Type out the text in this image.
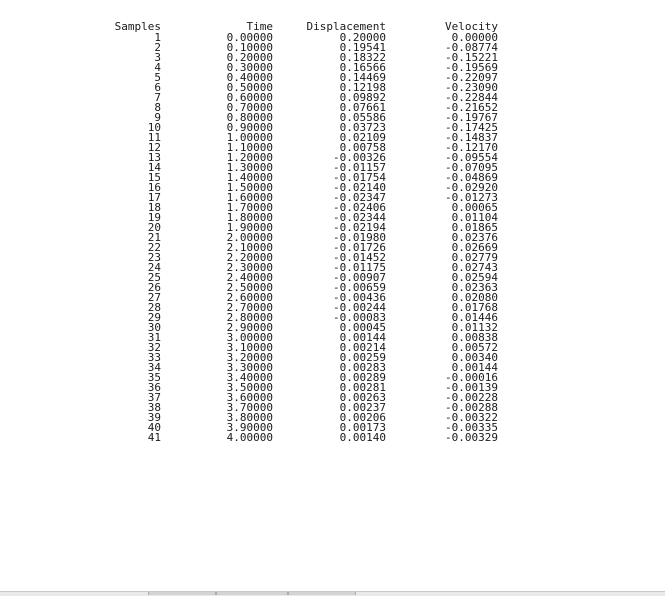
Samples	Time	Displacement	Velocity
1	0.00000	0.20000	0.00000
2	0.10000	0.19541	-0.08774
3	0.20000	0.18322	-0.15221
4	0.30000	0.16566	-0.19569
5	0.40000	0.14469	-0.22097
6	0.50000	0.12198	-0.23090
7	0.60000	0.09892	-0.22844
8	0.70000	0.07661	-0.21652
9	0.80000	0.05586	-0.19767
10	0.90000	0.03723	-0.17425
11	1.00000	0.02109	-0.14837
12	1.10000	0.00758	-0.12170
13	1.20000	-0.00326	-0.09554
14	1.30000	-0.01157	-0.07095
15	1.40000	-0.01754	-0.04869
16	1.50000	-0.02140	-0.02920
17	1.60000	-0.02347	-0.01273
18	1.70000	-0.02406	0.00065
19	1.80000	-0.02344	0.01104
20	1.90000	-0.02194	0.01865
21	2.00000	-0.01980	0.02376
22	2.10000	-0.01726	0.02669
23	2.20000	-0.01452	0.02779
24	2.30000	-0.01175	0.02743
25	2.40000	-0.00907	0.02594
26	2.50000	-0.00659	0.02363
27	2.60000	-0.00436	0.02080
28	2.70000	-0.00244	0.01768
29	2.80000	-0.00083	0.01446
30	2.90000	0.00045	0.01132
31	3.00000	0.00144	0.00838
32	3.10000	0.00214	0.00572
33	3.20000	0.00259	0.00340
34	3.30000	0.00283	0.00144
35	3.40000	0.00289	-0.00016
36	3.50000	0.00281	-0.00139
37	3.60000	0.00263	-0.00228
38	3.70000	0.00237	-0.00288
39	3.80000	0.00206	-0.00322
40	3.90000	0.00173	-0.00335
41	4.00000	0.00140	-0.00329
